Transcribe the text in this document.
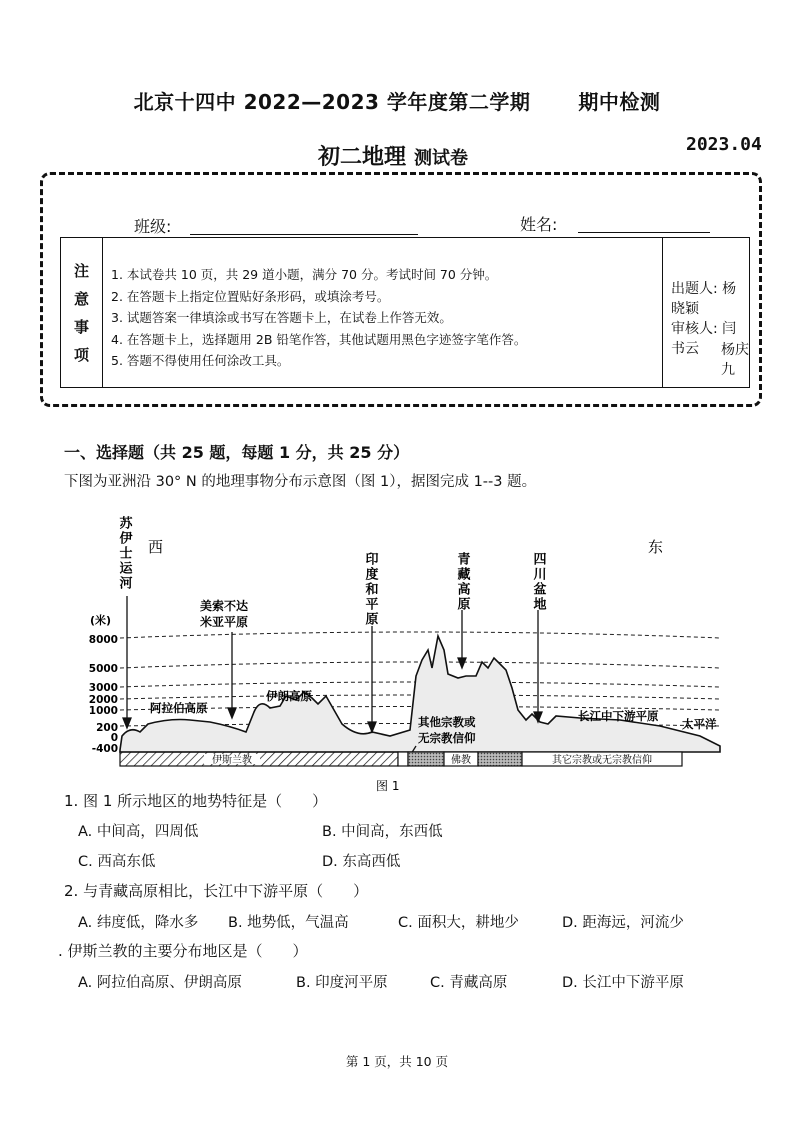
北京十四中 2022—2023 学年度第二学期 期中检测
初二地理 测试卷
2023.04
班级:	姓名:
注
意
事
项
1. 本试卷共 10 页，共 29 道小题，满分 70 分。考试时间 70 分钟。
2. 在答题卡上指定位置贴好条形码，或填涂考号。
3. 试题答案一律填涂或书写在答题卡上，在试卷上作答无效。
4. 在答题卡上，选择题用 2B 铅笔作答，其他试题用黑色字迹签字笔作答。
5. 答题不得使用任何涂改工具。
出题人: 杨晓颖
审核人: 闫书云	杨庆九
一、选择题（共 25 题，每题 1 分，共 25 分）
下图为亚洲沿 30° N 的地理事物分布示意图（图 1），据图完成 1--3 题。
苏伊士运河	印度和平原	青藏高原	四川盆地
西	东
美索不达
米亚平原
(米)
8000
5000
3000
2000
1000
200
0
-400
阿拉伯高原
伊朗高原
长江中下游平原
太平洋
其他宗教或
无宗教信仰
伊斯兰教	佛教	其它宗教或无宗教信仰
图 1
1. 图 1 所示地区的地势特征是（　　）
A. 中间高，四周低	B. 中间高，东西低
C. 西高东低	D. 东高西低
2. 与青藏高原相比，长江中下游平原（　　）
A. 纬度低，降水多 B. 地势低，气温高	C. 面积大，耕地少	D. 距海远，河流少
. 伊斯兰教的主要分布地区是（　　）
A. 阿拉伯高原、伊朗高原	B. 印度河平原	C. 青藏高原	D. 长江中下游平原
第 1 页，共 10 页
